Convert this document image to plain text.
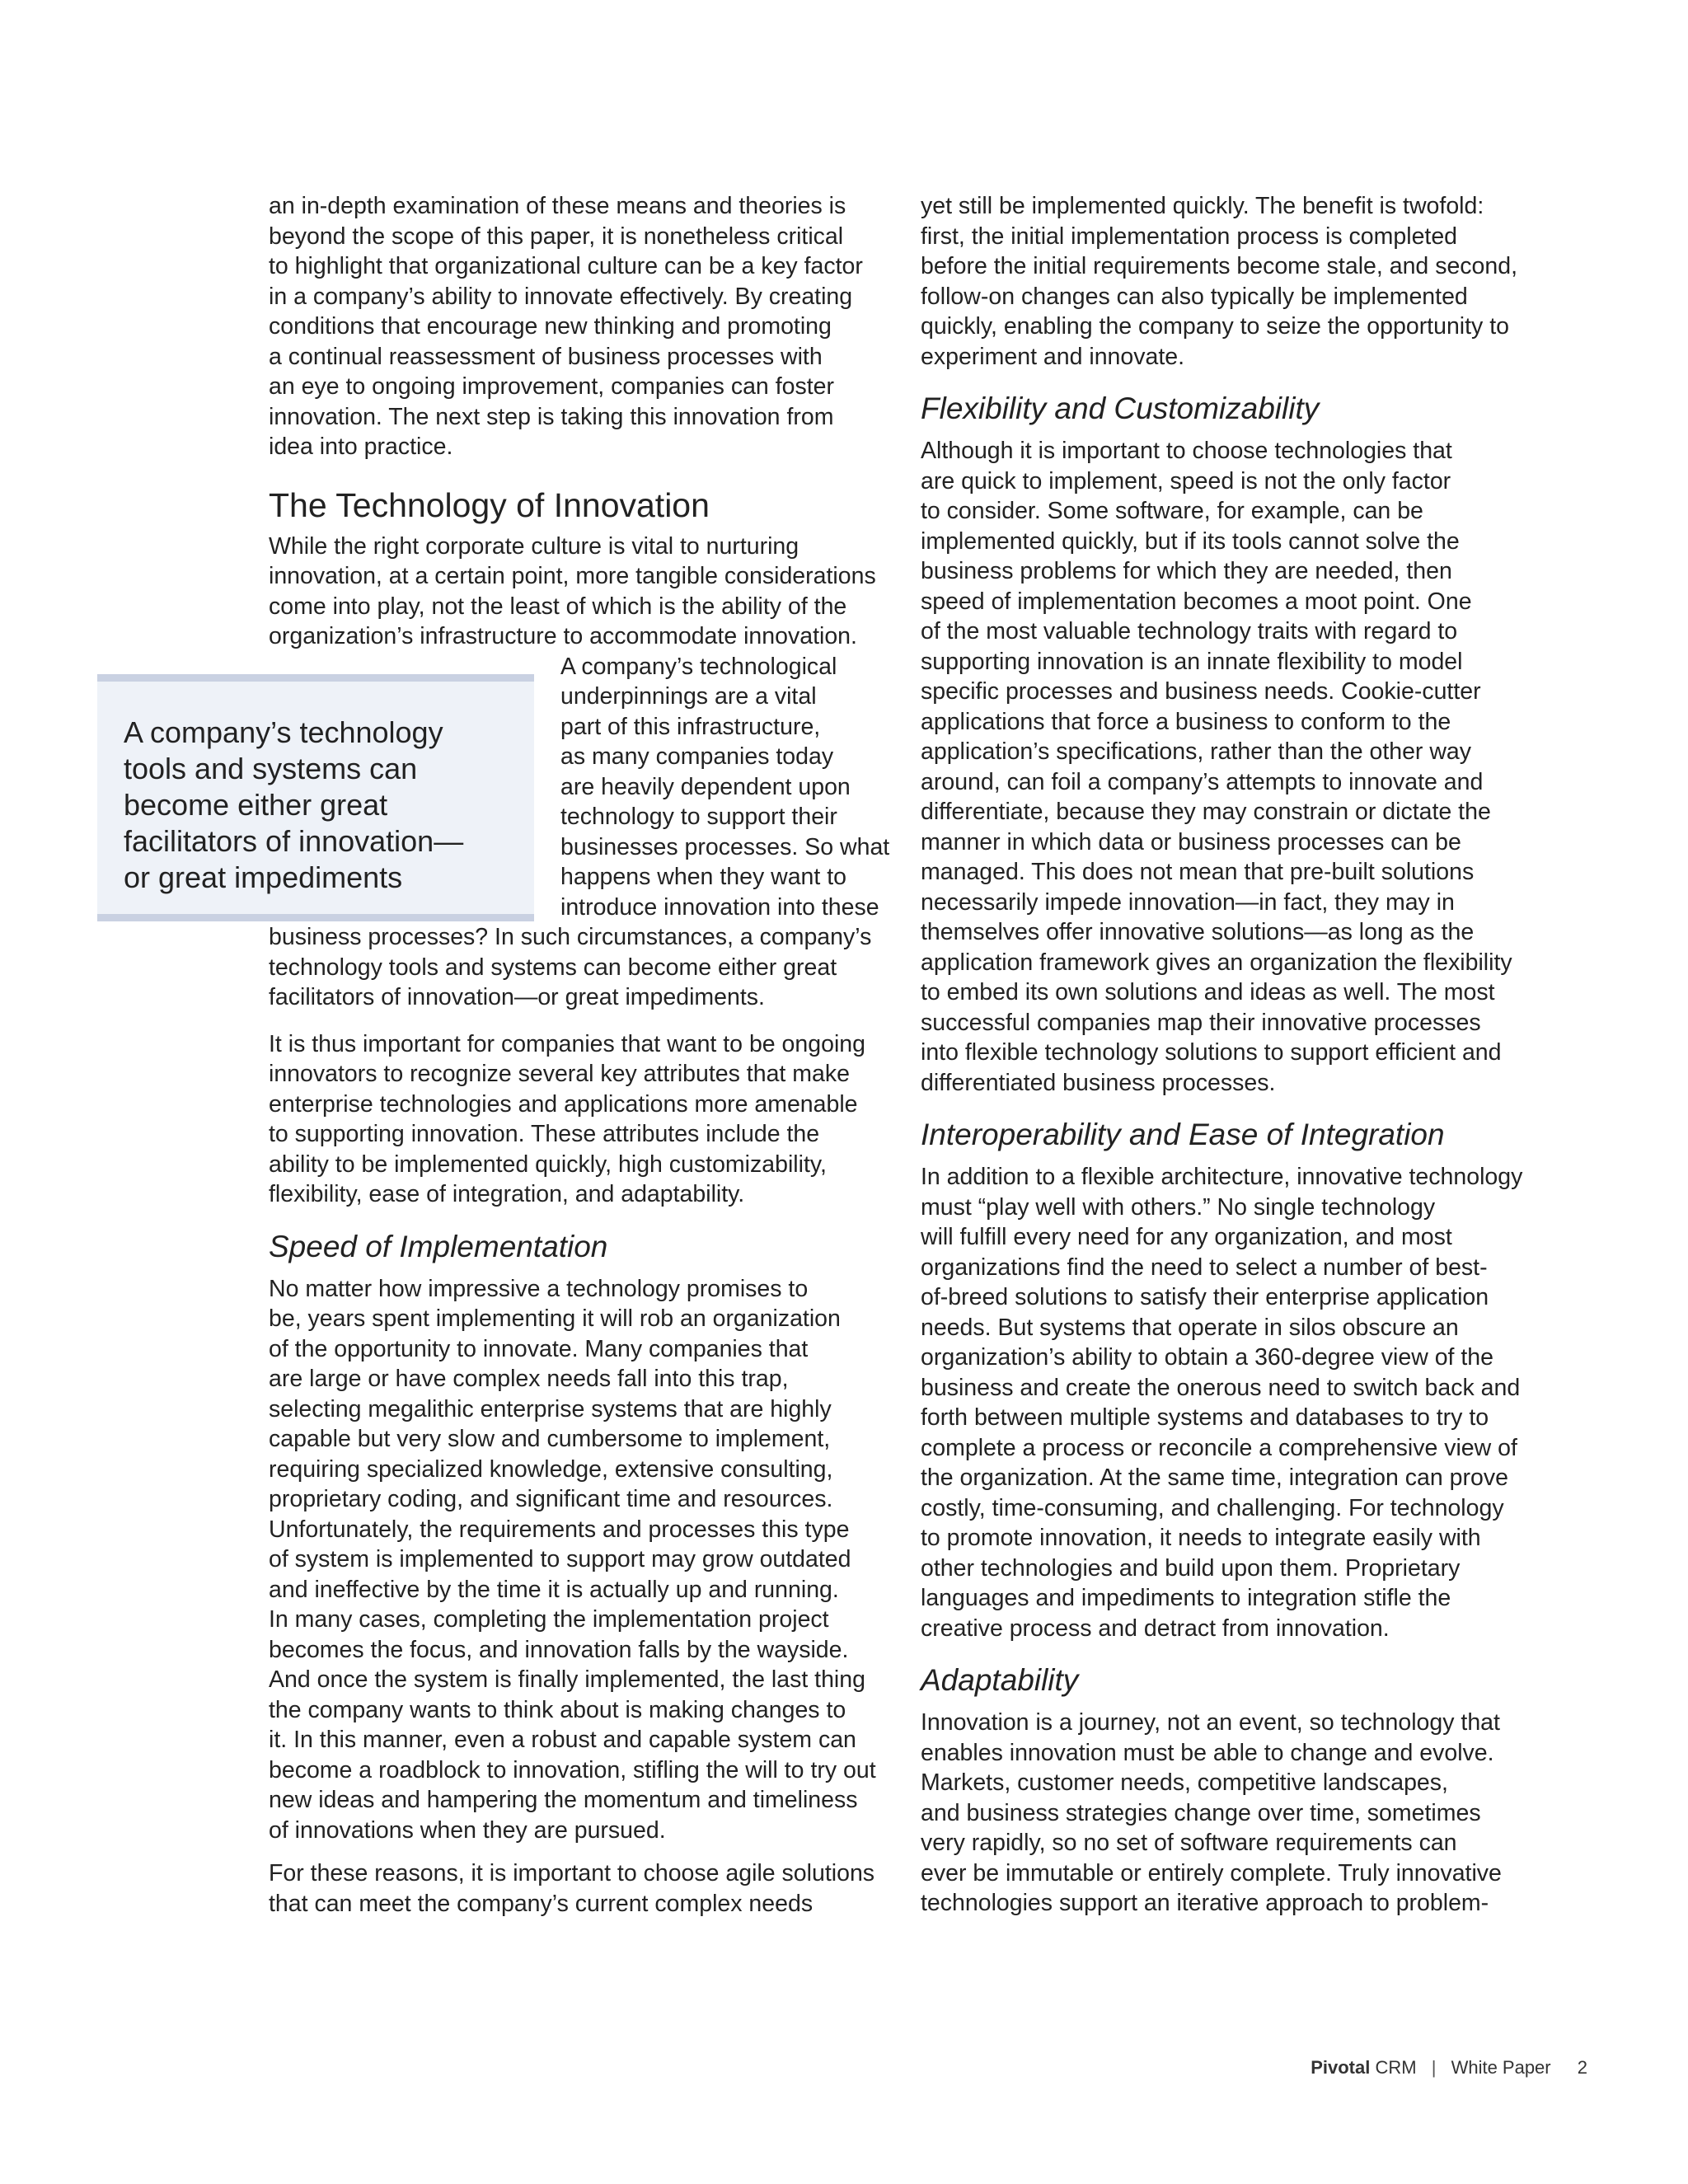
an in-depth examination of these means and theories is
beyond the scope of this paper, it is nonetheless critical
to highlight that organizational culture can be a key factor
in a company’s ability to innovate effectively. By creating
conditions that encourage new thinking and promoting
a continual reassessment of business processes with
an eye to ongoing improvement, companies can foster
innovation. The next step is taking this innovation from
idea into practice.

The Technology of Innovation

While the right corporate culture is vital to nurturing
innovation, at a certain point, more tangible considerations
come into play, not the least of which is the ability of the
organization’s infrastructure to accommodate innovation.
A company’s technological
underpinnings are a vital
part of this infrastructure,
as many companies today
are heavily dependent upon
technology to support their
businesses processes. So what
happens when they want to
introduce innovation into these
business processes? In such circumstances, a company’s
technology tools and systems can become either great
facilitators of innovation—or great impediments.

It is thus important for companies that want to be ongoing
innovators to recognize several key attributes that make
enterprise technologies and applications more amenable
to supporting innovation. These attributes include the
ability to be implemented quickly, high customizability,
flexibility, ease of integration, and adaptability.

Speed of Implementation

No matter how impressive a technology promises to
be, years spent implementing it will rob an organization
of the opportunity to innovate. Many companies that
are large or have complex needs fall into this trap,
selecting megalithic enterprise systems that are highly
capable but very slow and cumbersome to implement,
requiring specialized knowledge, extensive consulting,
proprietary coding, and significant time and resources.
Unfortunately, the requirements and processes this type
of system is implemented to support may grow outdated
and ineffective by the time it is actually up and running.
In many cases, completing the implementation project
becomes the focus, and innovation falls by the wayside.
And once the system is finally implemented, the last thing
the company wants to think about is making changes to
it. In this manner, even a robust and capable system can
become a roadblock to innovation, stifling the will to try out
new ideas and hampering the momentum and timeliness
of innovations when they are pursued.

For these reasons, it is important to choose agile solutions
that can meet the company’s current complex needs

A company’s technology
tools and systems can
become either great
facilitators of innovation—
or great impediments

yet still be implemented quickly. The benefit is twofold:
first, the initial implementation process is completed
before the initial requirements become stale, and second,
follow-on changes can also typically be implemented
quickly, enabling the company to seize the opportunity to
experiment and innovate.

Flexibility and Customizability

Although it is important to choose technologies that
are quick to implement, speed is not the only factor
to consider. Some software, for example, can be
implemented quickly, but if its tools cannot solve the
business problems for which they are needed, then
speed of implementation becomes a moot point. One
of the most valuable technology traits with regard to
supporting innovation is an innate flexibility to model
specific processes and business needs. Cookie-cutter
applications that force a business to conform to the
application’s specifications, rather than the other way
around, can foil a company’s attempts to innovate and
differentiate, because they may constrain or dictate the
manner in which data or business processes can be
managed. This does not mean that pre-built solutions
necessarily impede innovation—in fact, they may in
themselves offer innovative solutions—as long as the
application framework gives an organization the flexibility
to embed its own solutions and ideas as well. The most
successful companies map their innovative processes
into flexible technology solutions to support efficient and
differentiated business processes.

Interoperability and Ease of Integration

In addition to a flexible architecture, innovative technology
must “play well with others.” No single technology
will fulfill every need for any organization, and most
organizations find the need to select a number of best-
of-breed solutions to satisfy their enterprise application
needs. But systems that operate in silos obscure an
organization’s ability to obtain a 360-degree view of the
business and create the onerous need to switch back and
forth between multiple systems and databases to try to
complete a process or reconcile a comprehensive view of
the organization. At the same time, integration can prove
costly, time-consuming, and challenging. For technology
to promote innovation, it needs to integrate easily with
other technologies and build upon them. Proprietary
languages and impediments to integration stifle the
creative process and detract from innovation.

Adaptability

Innovation is a journey, not an event, so technology that
enables innovation must be able to change and evolve.
Markets, customer needs, competitive landscapes,
and business strategies change over time, sometimes
very rapidly, so no set of software requirements can
ever be immutable or entirely complete. Truly innovative
technologies support an iterative approach to problem-

Pivotal CRM | White Paper 2
